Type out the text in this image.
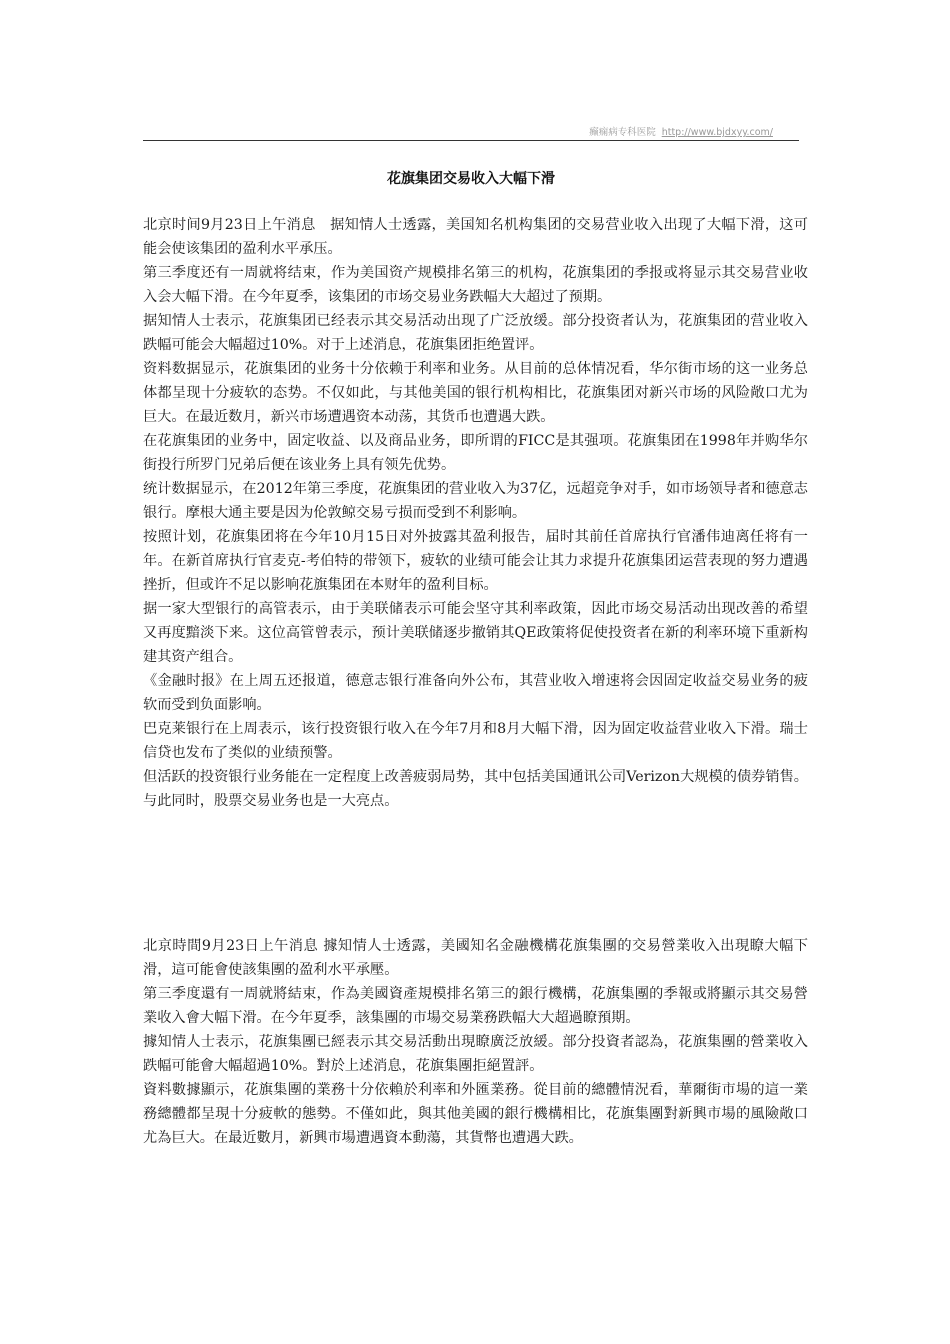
癫痫病专科医院 http://www.bjdxyy.com/
花旗集团交易收入大幅下滑

北京时间9月23日上午消息　据知情人士透露，美国知名机构集团的交易营业收入出现了大幅下滑，这可能会使该集团的盈利水平承压。

第三季度还有一周就将结束，作为美国资产规模排名第三的机构，花旗集团的季报或将显示其交易营业收入会大幅下滑。在今年夏季，该集团的市场交易业务跌幅大大超过了预期。

据知情人士表示，花旗集团已经表示其交易活动出现了广泛放缓。部分投资者认为，花旗集团的营业收入跌幅可能会大幅超过10%。对于上述消息，花旗集团拒绝置评。

资料数据显示，花旗集团的业务十分依赖于利率和业务。从目前的总体情况看，华尔街市场的这一业务总体都呈现十分疲软的态势。不仅如此，与其他美国的银行机构相比，花旗集团对新兴市场的风险敞口尤为巨大。在最近数月，新兴市场遭遇资本动荡，其货币也遭遇大跌。

在花旗集团的业务中，固定收益、以及商品业务，即所谓的FICC是其强项。花旗集团在1998年并购华尔街投行所罗门兄弟后便在该业务上具有领先优势。

统计数据显示，在2012年第三季度，花旗集团的营业收入为37亿，远超竞争对手，如市场领导者和德意志银行。摩根大通主要是因为伦敦鲸交易亏损而受到不利影响。

按照计划，花旗集团将在今年10月15日对外披露其盈利报告，届时其前任首席执行官潘伟迪离任将有一年。在新首席执行官麦克-考伯特的带领下，疲软的业绩可能会让其力求提升花旗集团运营表现的努力遭遇挫折，但或许不足以影响花旗集团在本财年的盈利目标。

据一家大型银行的高管表示，由于美联储表示可能会坚守其利率政策，因此市场交易活动出现改善的希望又再度黯淡下来。这位高管曾表示，预计美联储逐步撤销其QE政策将促使投资者在新的利率环境下重新构建其资产组合。

《金融时报》在上周五还报道，德意志银行准备向外公布，其营业收入增速将会因固定收益交易业务的疲软而受到负面影响。

巴克莱银行在上周表示，该行投资银行收入在今年7月和8月大幅下滑，因为固定收益营业收入下滑。瑞士信贷也发布了类似的业绩预警。

但活跃的投资银行业务能在一定程度上改善疲弱局势，其中包括美国通讯公司Verizon大规模的债券销售。与此同时，股票交易业务也是一大亮点。

北京時間9月23日上午消息 據知情人士透露，美國知名金融機構花旗集團的交易營業收入出現瞭大幅下滑，這可能會使該集團的盈利水平承壓。

第三季度還有一周就將結束，作為美國資產規模排名第三的銀行機構，花旗集團的季報或將顯示其交易營業收入會大幅下滑。在今年夏季，該集團的市場交易業務跌幅大大超過瞭預期。

據知情人士表示，花旗集團已經表示其交易活動出現瞭廣泛放緩。部分投資者認為，花旗集團的營業收入跌幅可能會大幅超過10%。對於上述消息，花旗集團拒絕置評。

資料數據顯示，花旗集團的業務十分依賴於利率和外匯業務。從目前的總體情況看，華爾街市場的這一業務總體都呈現十分疲軟的態勢。不僅如此，與其他美國的銀行機構相比，花旗集團對新興市場的風險敞口尤為巨大。在最近數月，新興市場遭遇資本動蕩，其貨幣也遭遇大跌。
